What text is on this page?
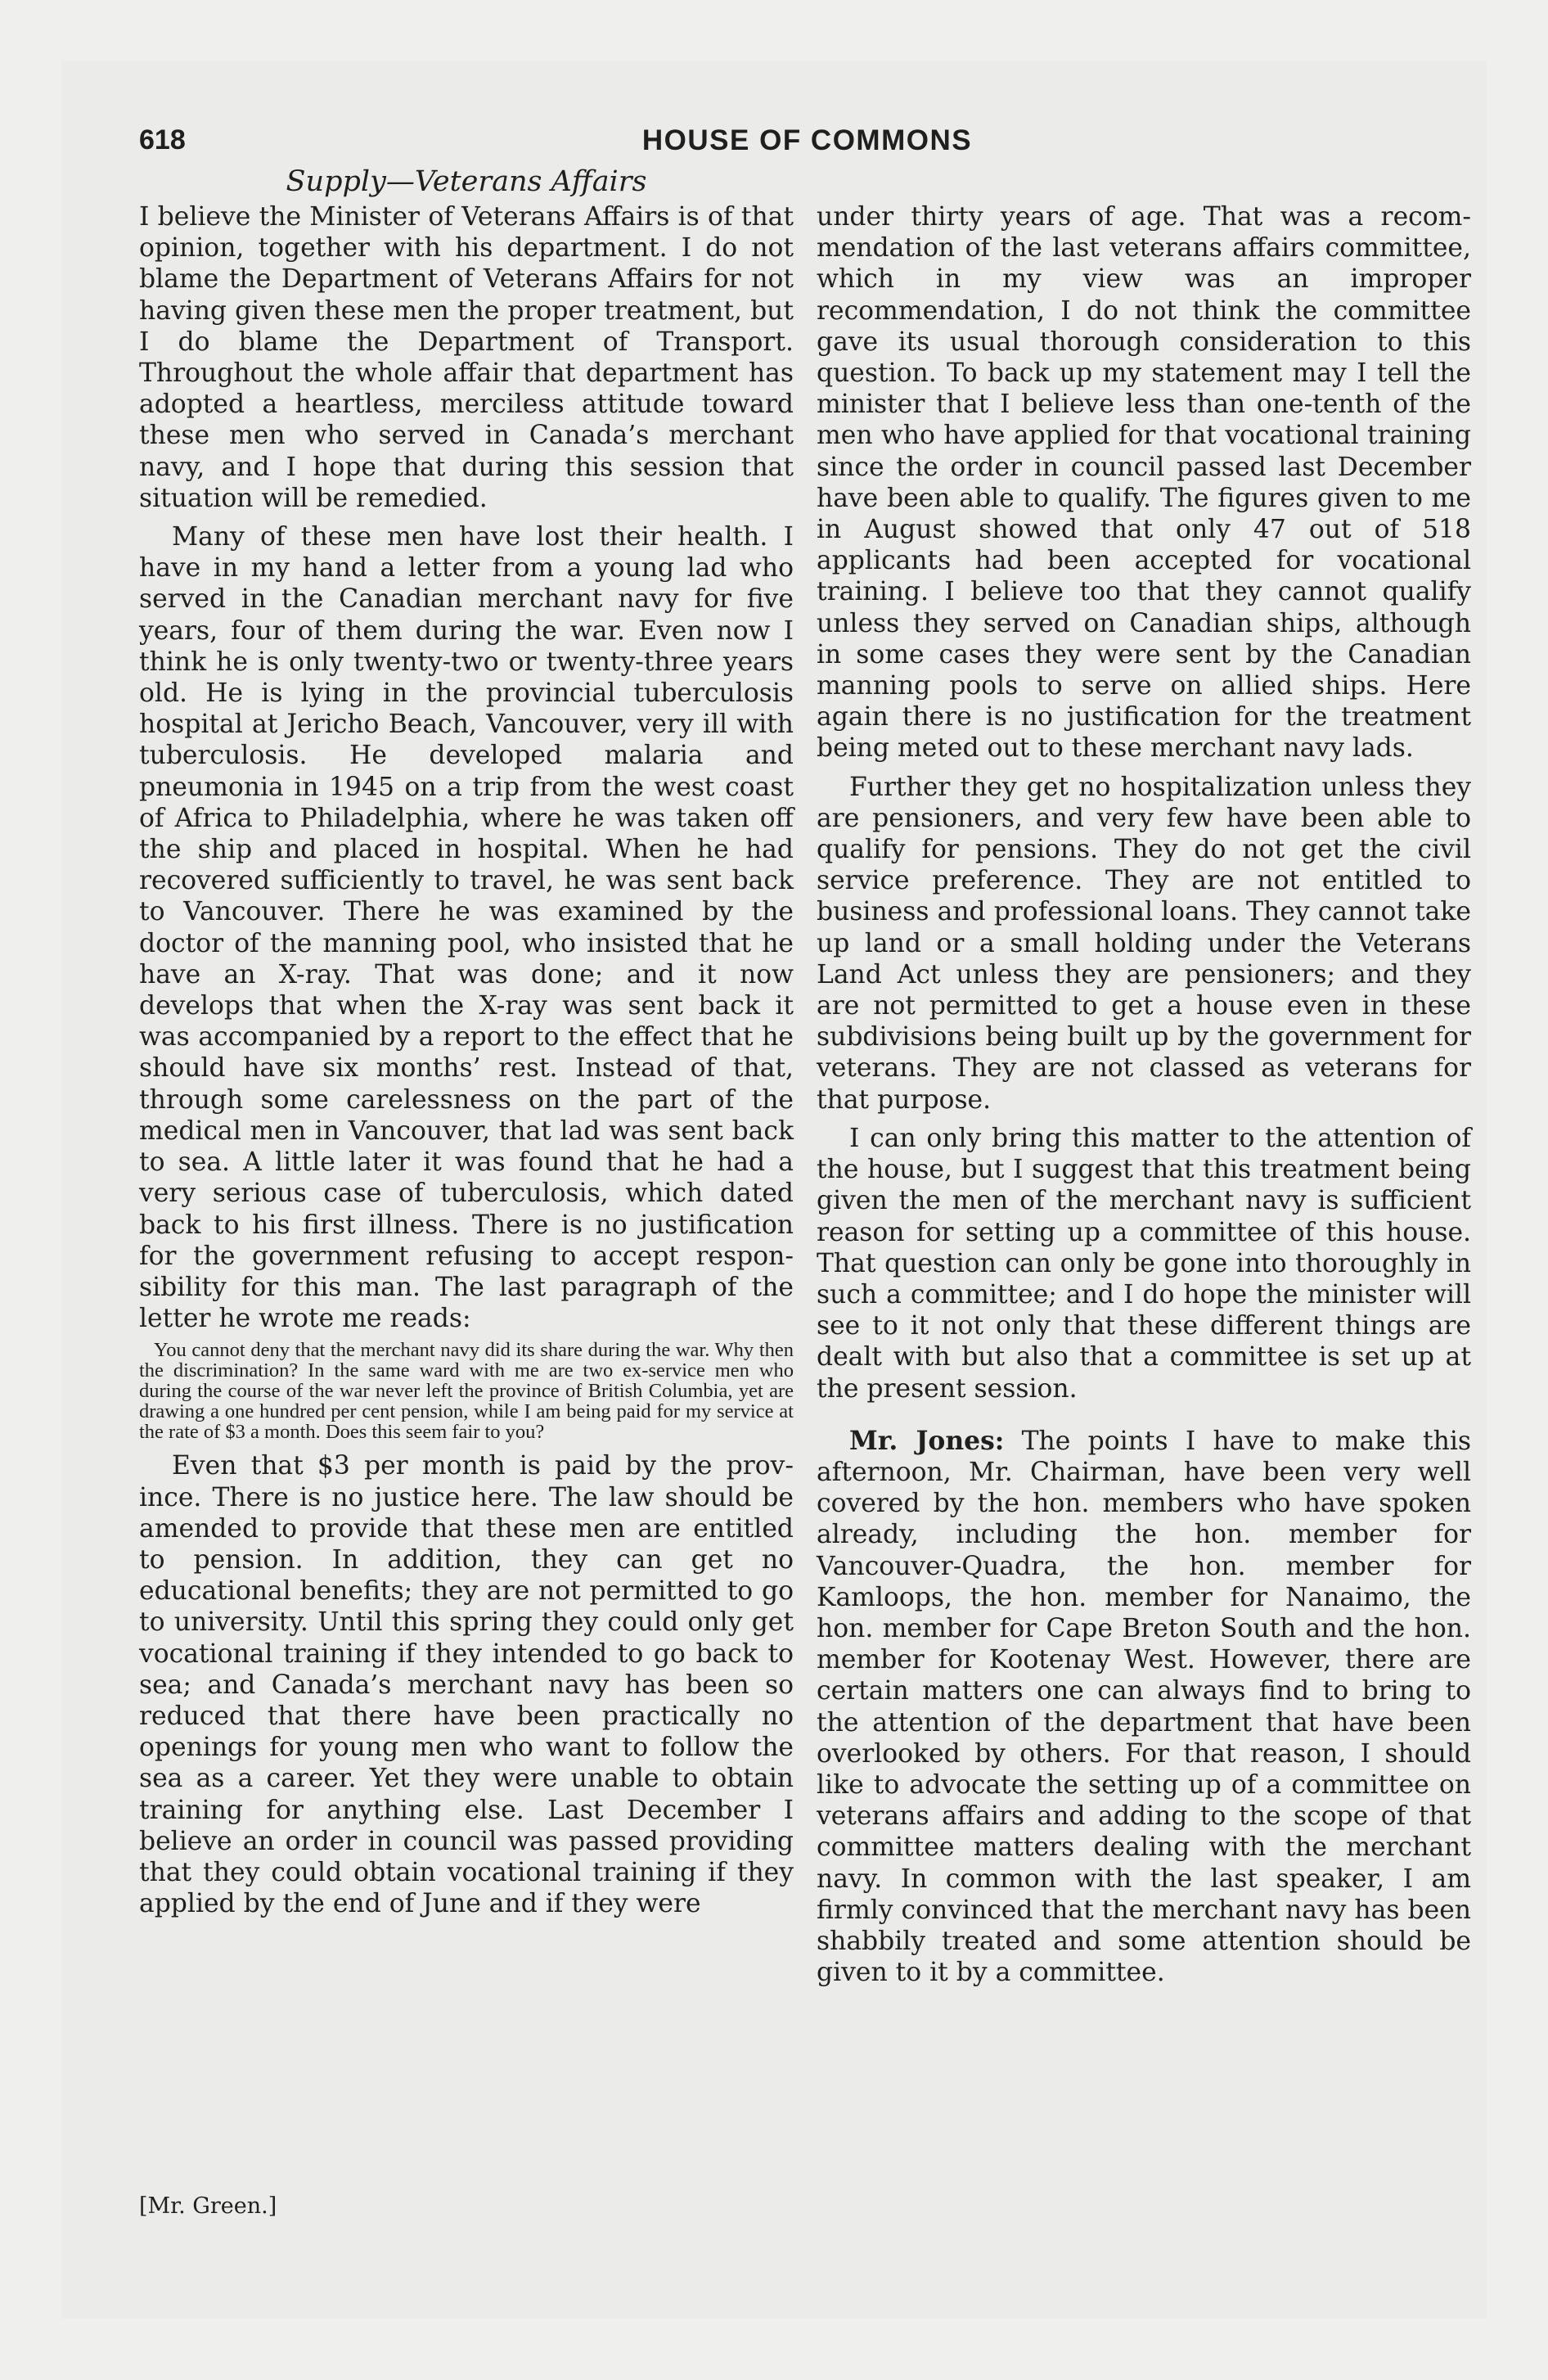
618	HOUSE OF COMMONS
Supply—Veterans Affairs

I believe the Minister of Veterans Affairs is of that opinion, together with his department. I do not blame the Department of Veterans Affairs for not having given these men the proper treatment, but I do blame the Department of Transport. Throughout the whole affair that department has adopted a heartless, merciless attitude toward these men who served in Canada’s merchant navy, and I hope that during this session that situation will be remedied.

Many of these men have lost their health. I have in my hand a letter from a young lad who served in the Canadian merchant navy for five years, four of them during the war. Even now I think he is only twenty-two or twenty-three years old. He is lying in the provincial tuberculosis hospital at Jericho Beach, Vancouver, very ill with tuberculosis. He developed malaria and pneumonia in 1945 on a trip from the west coast of Africa to Philadelphia, where he was taken off the ship and placed in hospital. When he had recovered sufficiently to travel, he was sent back to Vancouver. There he was examined by the doctor of the manning pool, who insisted that he have an X-ray. That was done; and it now develops that when the X-ray was sent back it was accompanied by a report to the effect that he should have six months’ rest. Instead of that, through some carelessness on the part of the medical men in Vancouver, that lad was sent back to sea. A little later it was found that he had a very serious case of tuberculosis, which dated back to his first illness. There is no justification for the government refusing to accept responsibility for this man. The last paragraph of the letter he wrote me reads:

You cannot deny that the merchant navy did its share during the war. Why then the discrimination? In the same ward with me are two ex-service men who during the course of the war never left the province of British Columbia, yet are drawing a one hundred per cent pension, while I am being paid for my service at the rate of $3 a month. Does this seem fair to you?

Even that $3 per month is paid by the province. There is no justice here. The law should be amended to provide that these men are entitled to pension. In addition, they can get no educational benefits; they are not permitted to go to university. Until this spring they could only get vocational training if they intended to go back to sea; and Canada’s merchant navy has been so reduced that there have been practically no openings for young men who want to follow the sea as a career. Yet they were unable to obtain training for anything else. Last December I believe an order in council was passed providing that they could obtain vocational training if they applied by the end of June and if they were

under thirty years of age. That was a recommendation of the last veterans affairs committee, which in my view was an improper recommendation, I do not think the committee gave its usual thorough consideration to this question. To back up my statement may I tell the minister that I believe less than one-tenth of the men who have applied for that vocational training since the order in council passed last December have been able to qualify. The figures given to me in August showed that only 47 out of 518 applicants had been accepted for vocational training. I believe too that they cannot qualify unless they served on Canadian ships, although in some cases they were sent by the Canadian manning pools to serve on allied ships. Here again there is no justification for the treatment being meted out to these merchant navy lads.

Further they get no hospitalization unless they are pensioners, and very few have been able to qualify for pensions. They do not get the civil service preference. They are not entitled to business and professional loans. They cannot take up land or a small holding under the Veterans Land Act unless they are pensioners; and they are not permitted to get a house even in these subdivisions being built up by the government for veterans. They are not classed as veterans for that purpose.

I can only bring this matter to the attention of the house, but I suggest that this treatment being given the men of the merchant navy is sufficient reason for setting up a committee of this house. That question can only be gone into thoroughly in such a committee; and I do hope the minister will see to it not only that these different things are dealt with but also that a committee is set up at the present session.

Mr. Jones: The points I have to make this afternoon, Mr. Chairman, have been very well covered by the hon. members who have spoken already, including the hon. member for Vancouver-Quadra, the hon. member for Kamloops, the hon. member for Nanaimo, the hon. member for Cape Breton South and the hon. member for Kootenay West. However, there are certain matters one can always find to bring to the attention of the department that have been overlooked by others. For that reason, I should like to advocate the setting up of a committee on veterans affairs and adding to the scope of that committee matters dealing with the merchant navy. In common with the last speaker, I am firmly convinced that the merchant navy has been shabbily treated and some attention should be given to it by a committee.

[Mr. Green.]
